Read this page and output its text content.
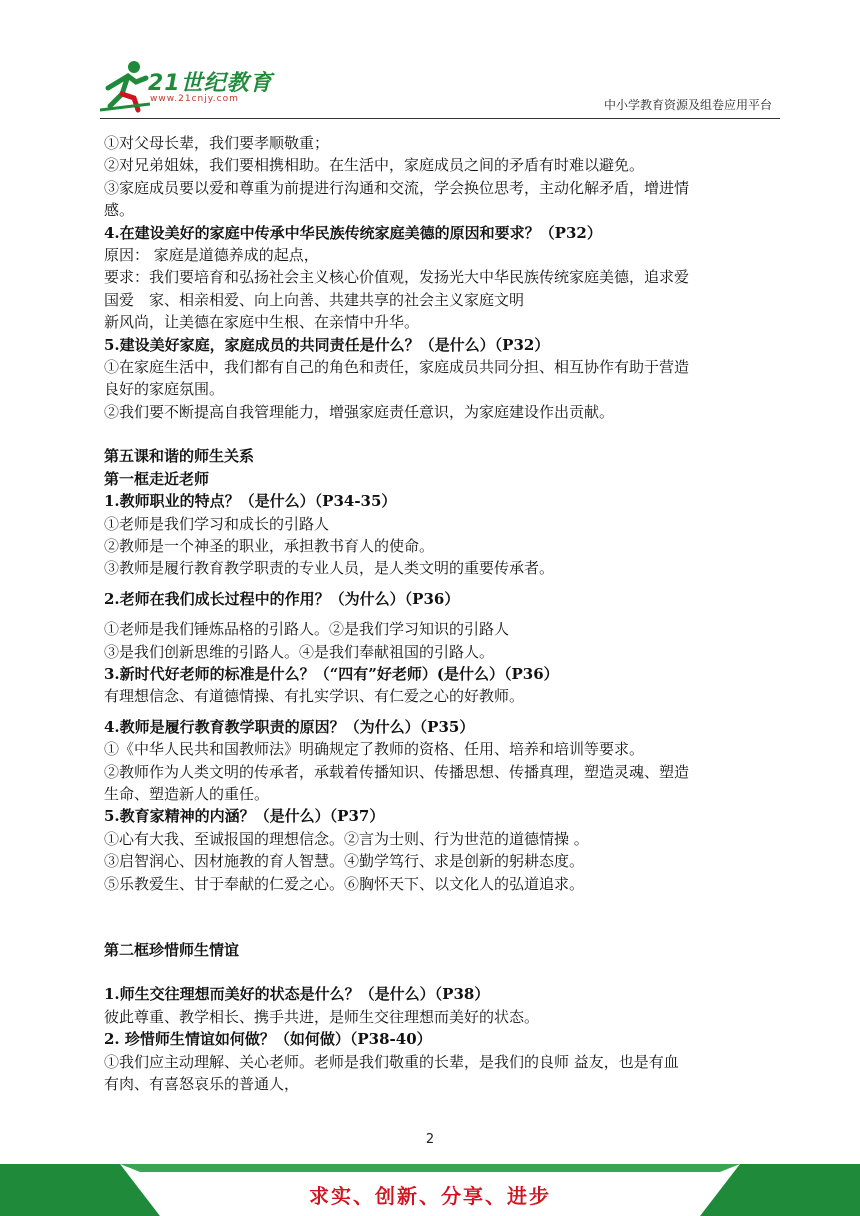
21世纪教育
www.21cnjy.com	中小学教育资源及组卷应用平台
①对父母长辈，我们要孝顺敬重；
②对兄弟姐妹，我们要相携相助。在生活中，家庭成员之间的矛盾有时难以避免。
③家庭成员要以爱和尊重为前提进行沟通和交流，学会换位思考，主动化解矛盾，增进情
感。
4.在建设美好的家庭中传承中华民族传统家庭美德的原因和要求？（P32）
原因： 家庭是道德养成的起点，
要求：我们要培育和弘扬社会主义核心价值观，发扬光大中华民族传统家庭美德，追求爱
国爱　家、相亲相爱、向上向善、共建共享的社会主义家庭文明
新风尚，让美德在家庭中生根、在亲情中升华。
5.建设美好家庭，家庭成员的共同责任是什么？（是什么）（P32）
①在家庭生活中，我们都有自己的角色和责任，家庭成员共同分担、相互协作有助于营造
良好的家庭氛围。
②我们要不断提高自我管理能力，增强家庭责任意识，为家庭建设作出贡献。
第五课和谐的师生关系
第一框走近老师
1.教师职业的特点？（是什么）（P34-35）
①老师是我们学习和成长的引路人
②教师是一个神圣的职业，承担教书育人的使命。
③教师是履行教育教学职责的专业人员，是人类文明的重要传承者。
2.老师在我们成长过程中的作用？（为什么）（P36）
①老师是我们锤炼品格的引路人。②是我们学习知识的引路人
③是我们创新思维的引路人。④是我们奉献祖国的引路人。
3.新时代好老师的标准是什么？（“四有”好老师）(是什么）（P36）
有理想信念、有道德情操、有扎实学识、有仁爱之心的好教师。
4.教师是履行教育教学职责的原因？（为什么）（P35）
①《中华人民共和国教师法》明确规定了教师的资格、任用、培养和培训等要求。
②教师作为人类文明的传承者，承载着传播知识、传播思想、传播真理，塑造灵魂、塑造
生命、塑造新人的重任。
5.教育家精神的内涵？（是什么）（P37）
①心有大我、至诚报国的理想信念。②言为士则、行为世范的道德情操 。
③启智润心、因材施教的育人智慧。④勤学笃行、求是创新的躬耕态度。
⑤乐教爱生、甘于奉献的仁爱之心。⑥胸怀天下、以文化人的弘道追求。
第二框珍惜师生情谊
1.师生交往理想而美好的状态是什么？（是什么）（P38）
彼此尊重、教学相长、携手共进，是师生交往理想而美好的状态。
2. 珍惜师生情谊如何做？（如何做）（P38-40）
①我们应主动理解、关心老师。老师是我们敬重的长辈，是我们的良师 益友，也是有血
有肉、有喜怒哀乐的普通人，
2
求实、创新、分享、进步
